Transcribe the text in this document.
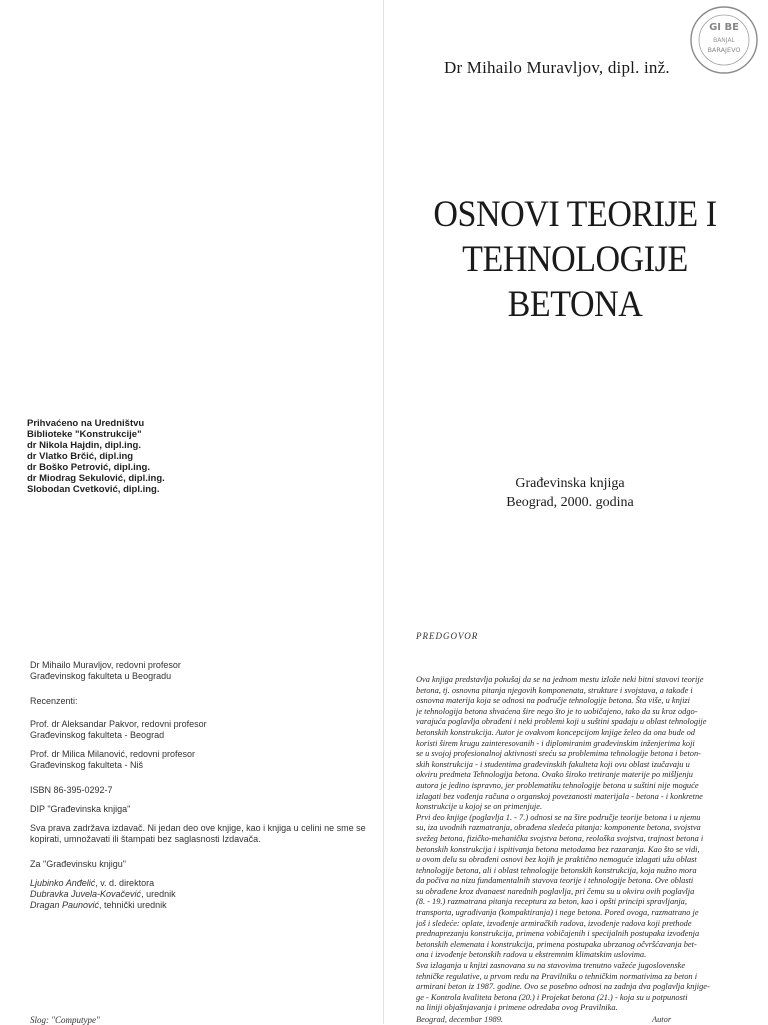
GI BE
BANJAL
BARAJEVO
Dr Mihailo Muravljov, dipl. inž.
OSNOVI TEORIJE I
TEHNOLOGIJE
BETONA
Građevinska knjiga
Beograd, 2000. godina
Prihvaćeno na Uredništvu
Biblioteke "Konstrukcije"
dr Nikola Hajdin, dipl.ing.
dr Vlatko Brčić, dipl.ing
dr Boško Petrović, dipl.ing.
dr Miodrag Sekulović, dipl.ing.
Slobodan Cvetković, dipl.ing.
Dr Mihailo Muravljov, redovni profesor
Građevinskog fakulteta u Beogradu
Recenzenti:
Prof. dr Aleksandar Pakvor, redovni profesor
Građevinskog fakulteta - Beograd
Prof. dr Milica Milanović, redovni profesor
Građevinskog fakulteta - Niš
ISBN 86-395-0292-7
DIP "Građevinska knjiga"
Sva prava zadržava izdavač. Ni jedan deo ove knjige, kao i knjiga u celini ne sme se
kopirati, umnožavati ili štampati bez saglasnosti Izdavača.
Za "Građevinsku knjigu"
Ljubinko Anđelić, v. d. direktora
Dubravka Juvela-Kovačević, urednik
Dragan Paunović, tehnički urednik
PREDGOVOR
Ova knjiga predstavlja pokušaj da se na jednom mestu izlože neki bitni stavovi teorije
betona, tj. osnovna pitanja njegovih komponenata, strukture i svojstava, a takođe i
osnovna materija koja se odnosi na područje tehnologije betona. Šta više, u knjizi
je tehnologija betona shvaćena šire nego što je to uobičajeno, tako da su kroz odgo-
varajuća poglavlja obrađeni i neki problemi koji u suštini spadaju u oblast tehnologije
betonskih konstrukcija. Autor je ovakvom koncepcijom knjige želeo da ona bude od
koristi širem krugu zainteresovanih - i diplomiranim građevinskim inženjerima koji
se u svojoj profesionalnoj aktivnosti sreću sa problemima tehnologije betona i beton-
skih konstrukcija - i studentima građevinskih fakulteta koji ovu oblast izučavaju u
okviru predmeta Tehnologija betona. Ovako široko tretiranje materije po mišljenju
autora je jedino ispravno, jer problematiku tehnologije betona u suštini nije moguće
izlagati bez vođenja računa o organskoj povezanosti materijala - betona - i konkretne
konstrukcije u kojoj se on primenjuje.
Prvi deo knjige (poglavlja 1. - 7.) odnosi se na šire područje teorije betona i u njemu
su, iza uvodnih razmatranja, obrađena sledeća pitanja: komponente betona, svojstva
svežeg betona, fizičko-mehanička svojstva betona, reološka svojstva, trajnost betona i
betonskih konstrukcija i ispitivanja betona metodama bez razaranja. Kao što se vidi,
u ovom delu su obrađeni osnovi bez kojih je praktično nemoguće izlagati užu oblast
tehnologije betona, ali i oblast tehnologije betonskih konstrukcija, koja nužno mora
da počiva na nizu fundamentalnih stavova teorije i tehnologije betona. Ove oblasti
su obrađene kroz dvanaest narednih poglavlja, pri čemu su u okviru ovih poglavlja
(8. - 19.) razmatrana pitanja receptura za beton, kao i opšti principi spravljanja,
transporta, ugrađivanja (kompaktiranja) i nege betona. Pored ovoga, razmatrano je
još i sledeće: oplate, izvođenje armiračkih radova, izvođenje radova koji prethode
prednaprezanju konstrukcija, primena vobičajenih i specijalnih postupaka izvođenja
betonskih elemenata i konstrukcija, primena postupaka ubrzanog očvršćavanja bet-
ona i izvođenje betonskih radova u ekstremnim klimatskim uslovima.
Sva izlaganja u knjizi zasnovana su na stavovima trenutno važeće jugoslovenske
tehničke regulative, u prvom redu na Pravilniku o tehničkim normativima za beton i
armirani beton iz 1987. godine. Ovo se posebno odnosi na zadnja dva poglavlja knjige-
ge - Kontrola kvaliteta betona (20.) i Projekat betona (21.) - koja su u potpunosti
na liniji objašnjavanja i primene odredaba ovog Pravilnika.
Slog: "Computype"	Beograd, decembar 1989.	Autor
